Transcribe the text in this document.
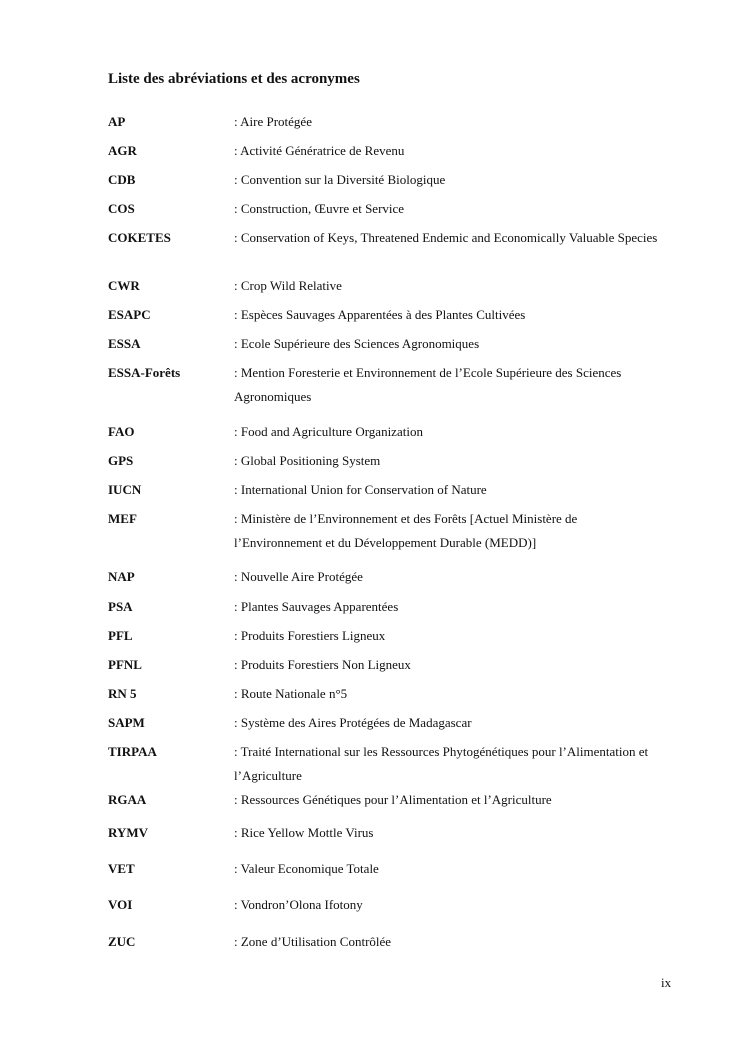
Liste des abréviations et des acronymes
AP	: Aire Protégée
AGR	: Activité Génératrice de Revenu
CDB	: Convention sur la Diversité Biologique
COS	: Construction, Œuvre et Service
COKETES	: Conservation of Keys, Threatened Endemic and Economically Valuable Species
CWR	: Crop Wild Relative
ESAPC	: Espèces Sauvages Apparentées à des Plantes Cultivées
ESSA	: Ecole Supérieure des Sciences Agronomiques
ESSA-Forêts	: Mention Foresterie et Environnement de l’Ecole Supérieure des Sciences Agronomiques
FAO	: Food and Agriculture Organization
GPS	: Global Positioning System
IUCN	: International Union for Conservation of Nature
MEF	: Ministère de l’Environnement et des Forêts [Actuel Ministère de l’Environnement et du Développement Durable (MEDD)]
NAP	: Nouvelle Aire Protégée
PSA	: Plantes Sauvages Apparentées
PFL	: Produits Forestiers Ligneux
PFNL	: Produits Forestiers Non Ligneux
RN 5	: Route Nationale n°5
SAPM	: Système des Aires Protégées de Madagascar
TIRPAA	: Traité International sur les Ressources Phytogénétiques pour l’Alimentation et l’Agriculture
RGAA	: Ressources Génétiques pour l’Alimentation et l’Agriculture
RYMV	: Rice Yellow Mottle Virus
VET	: Valeur Economique Totale
VOI	: Vondron’Olona Ifotony
ZUC	: Zone d’Utilisation Contrôlée
ix
